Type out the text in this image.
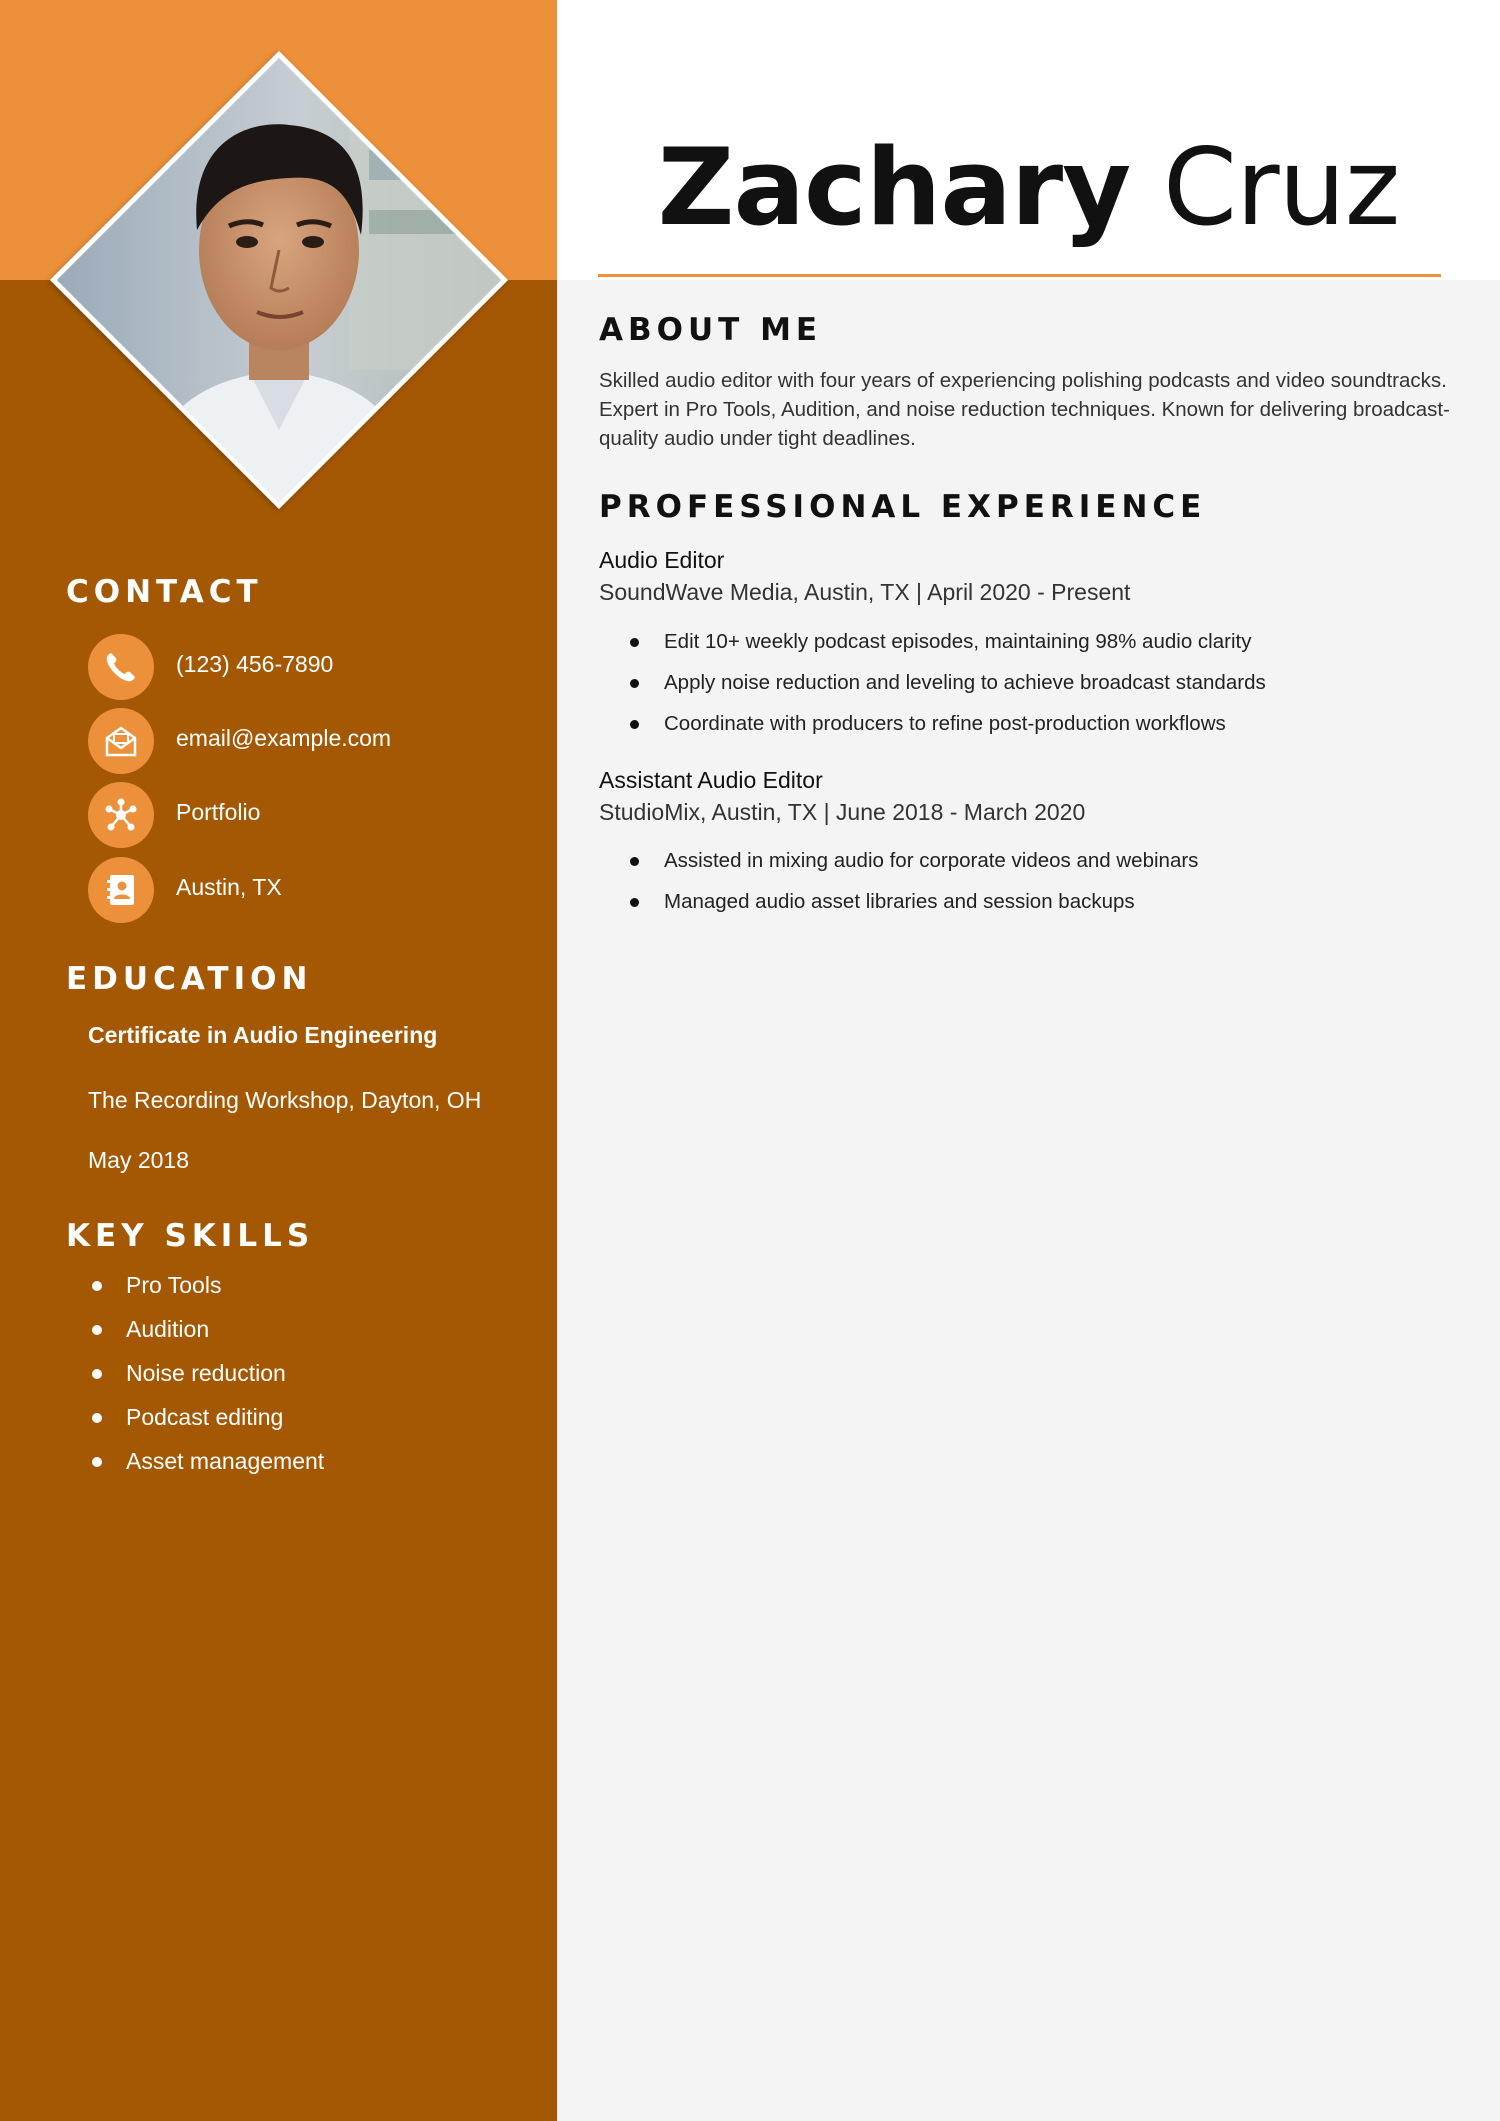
Zachary Cruz
CONTACT
(123) 456-7890
email@example.com
Portfolio
Austin, TX
EDUCATION
Certificate in Audio Engineering
The Recording Workshop, Dayton, OH
May 2018
KEY SKILLS
Pro Tools
Audition
Noise reduction
Podcast editing
Asset management
ABOUT ME
Skilled audio editor with four years of experiencing polishing podcasts and video soundtracks. Expert in Pro Tools, Audition, and noise reduction techniques. Known for delivering broadcast-quality audio under tight deadlines.
PROFESSIONAL EXPERIENCE
Audio Editor
SoundWave Media, Austin, TX | April 2020 - Present
Edit 10+ weekly podcast episodes, maintaining 98% audio clarity
Apply noise reduction and leveling to achieve broadcast standards
Coordinate with producers to refine post-production workflows
Assistant Audio Editor
StudioMix, Austin, TX | June 2018 - March 2020
Assisted in mixing audio for corporate videos and webinars
Managed audio asset libraries and session backups
